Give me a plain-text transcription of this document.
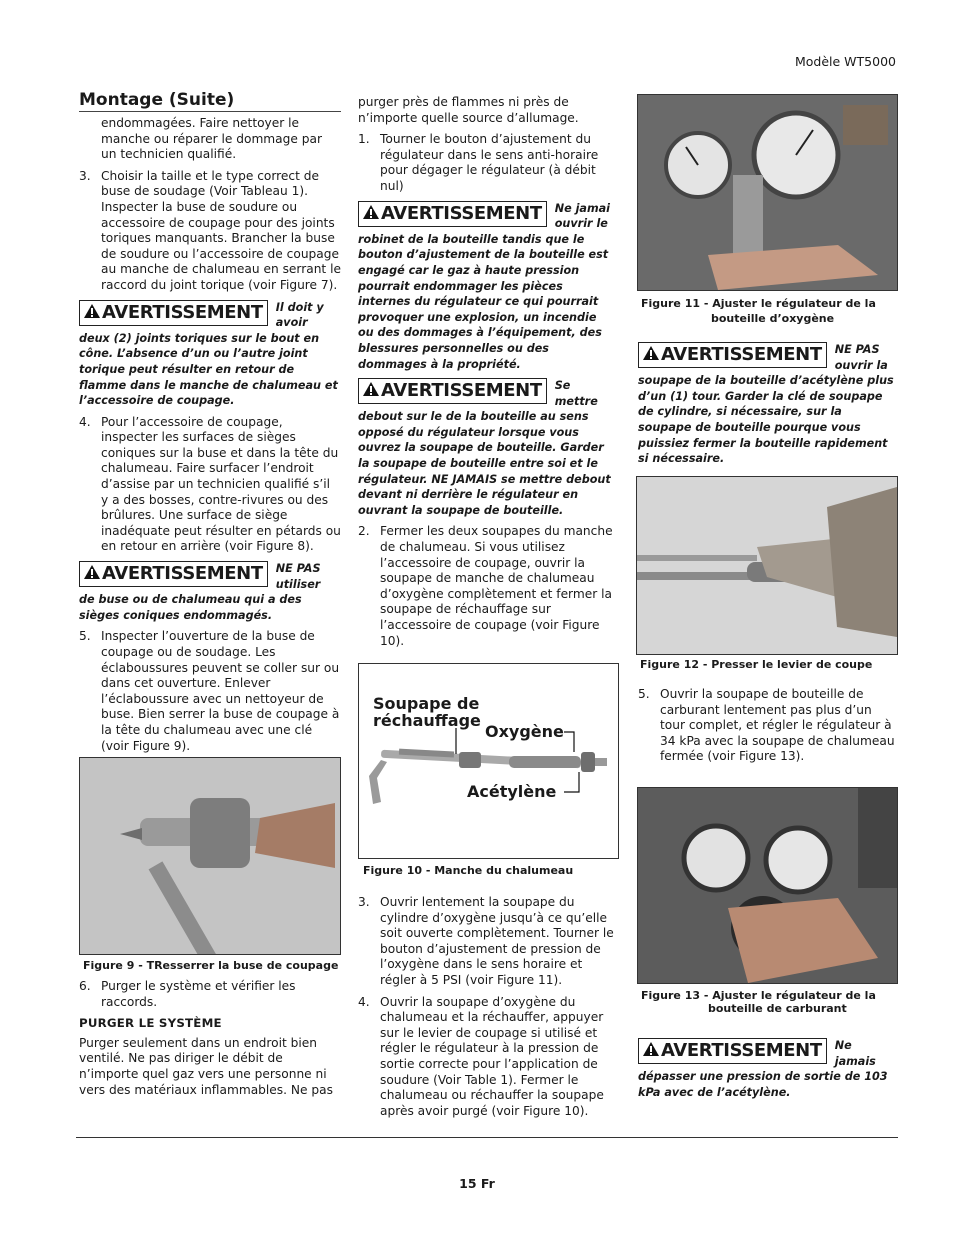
Modèle WT5000
Montage (Suite)

endommagées. Faire nettoyer le manche ou réparer le dommage par un technicien qualifié.

3. Choisir la taille et le type correct de buse de soudage (Voir Tableau 1). Inspecter la buse de soudure ou accessoire de coupage pour des joints toriques manquants. Brancher la buse de soudure ou l’accessoire de coupage au manche de chalumeau en serrant le raccord du joint torique (voir Figure 7).
AVERTISSEMENT	Il doit y avoir
deux (2) joints toriques sur le bout en cône. L’absence d’un ou l’autre joint torique peut résulter en retour de flamme dans le manche de chalumeau et l’accessoire de coupage.
4. Pour l’accessoire de coupage, inspecter les surfaces de sièges coniques sur la buse et dans la tête du chalumeau. Faire surfacer l’endroit d’assise par un technicien qualifié s’il y a des bosses, contre-rivures ou des brûlures. Une surface de siège inadéquate peut résulter en pétards ou en retour en arrière (voir Figure 8).
AVERTISSEMENT	NE PAS utiliser
de buse ou de chalumeau qui a des sièges coniques endommagés.
5. Inspecter l’ouverture de la buse de coupage ou de soudage. Les éclaboussures peuvent se coller sur ou dans cet ouverture. Enlever l’éclaboussure avec un nettoyeur de buse. Bien serrer la buse de coupage à la tête du chalumeau avec une clé (voir Figure 9).
Figure 9 - TResserrer la buse de coupage
6. Purger le système et vérifier les raccords.
PURGER LE SYSTÈME

Purger seulement dans un endroit bien ventilé. Ne pas diriger le débit de n’importe quel gaz vers une personne ni vers des matériaux inflammables. Ne pas

purger près de flammes ni près de n’importe quelle source d’allumage.

1. Tourner le bouton d’ajustement du régulateur dans le sens anti-horaire pour dégager le régulateur (à débit nul)
AVERTISSEMENT	Ne jamai ouvrir le
robinet de la bouteille tandis que le bouton d’ajustement de la bouteille est engagé car le gaz à haute pression pourrait endommager les pièces internes du régulateur ce qui pourrait provoquer une explosion, un incendie ou des dommages à l’équipement, des blessures personnelles ou des dommages à la propriété.
AVERTISSEMENT	Se mettre
debout sur le de la bouteille au sens opposé du régulateur lorsque vous ouvrez la soupape de bouteille. Garder la soupape de bouteille entre soi et le régulateur. NE JAMAIS se mettre debout devant ni derrière le régulateur en ouvrant la soupape de bouteille.
2. Fermer les deux soupapes du manche de chalumeau. Si vous utilisez l’accessoire de coupage, ouvrir la soupape de manche de chalumeau d’oxygène complètement et fermer la soupape de réchauffage sur l’accessoire de coupage (voir Figure 10).
Soupape de réchauffage
Oxygène
Acétylène
Figure 10 - Manche du chalumeau
3. Ouvrir lentement la soupape du cylindre d’oxygène jusqu’à ce qu’elle soit ouverte complètement. Tourner le bouton d’ajustement de pression de l’oxygène dans le sens horaire et régler à 5 PSI (voir Figure 11).
4. Ouvrir la soupape d’oxygène du chalumeau et la réchauffer, appuyer sur le levier de coupage si utilisé et régler le régulateur à la pression de sortie correcte pour l’application de soudure (Voir Table 1). Fermer le chalumeau ou réchauffer la soupape après avoir purgé (voir Figure 10).
Figure 11 - Ajuster le régulateur de la
bouteille d’oxygène
AVERTISSEMENT	NE PAS ouvrir la
soupape de la bouteille d’acétylène plus d’un (1) tour. Garder la clé de soupape de cylindre, si nécessaire, sur la soupape de bouteille pourque vous puissiez fermer la bouteille rapidement si nécessaire.
Figure 12 - Presser le levier de coupe
5. Ouvrir la soupape de bouteille de carburant lentement pas plus d’un tour complet, et régler le régulateur à 34 kPa avec la soupape de chalumeau fermée (voir Figure 13).
Figure 13 - Ajuster le régulateur de la
bouteille de carburant
AVERTISSEMENT	Ne jamais
dépasser une pression de sortie de 103 kPa avec de l’acétylène.
15 Fr
